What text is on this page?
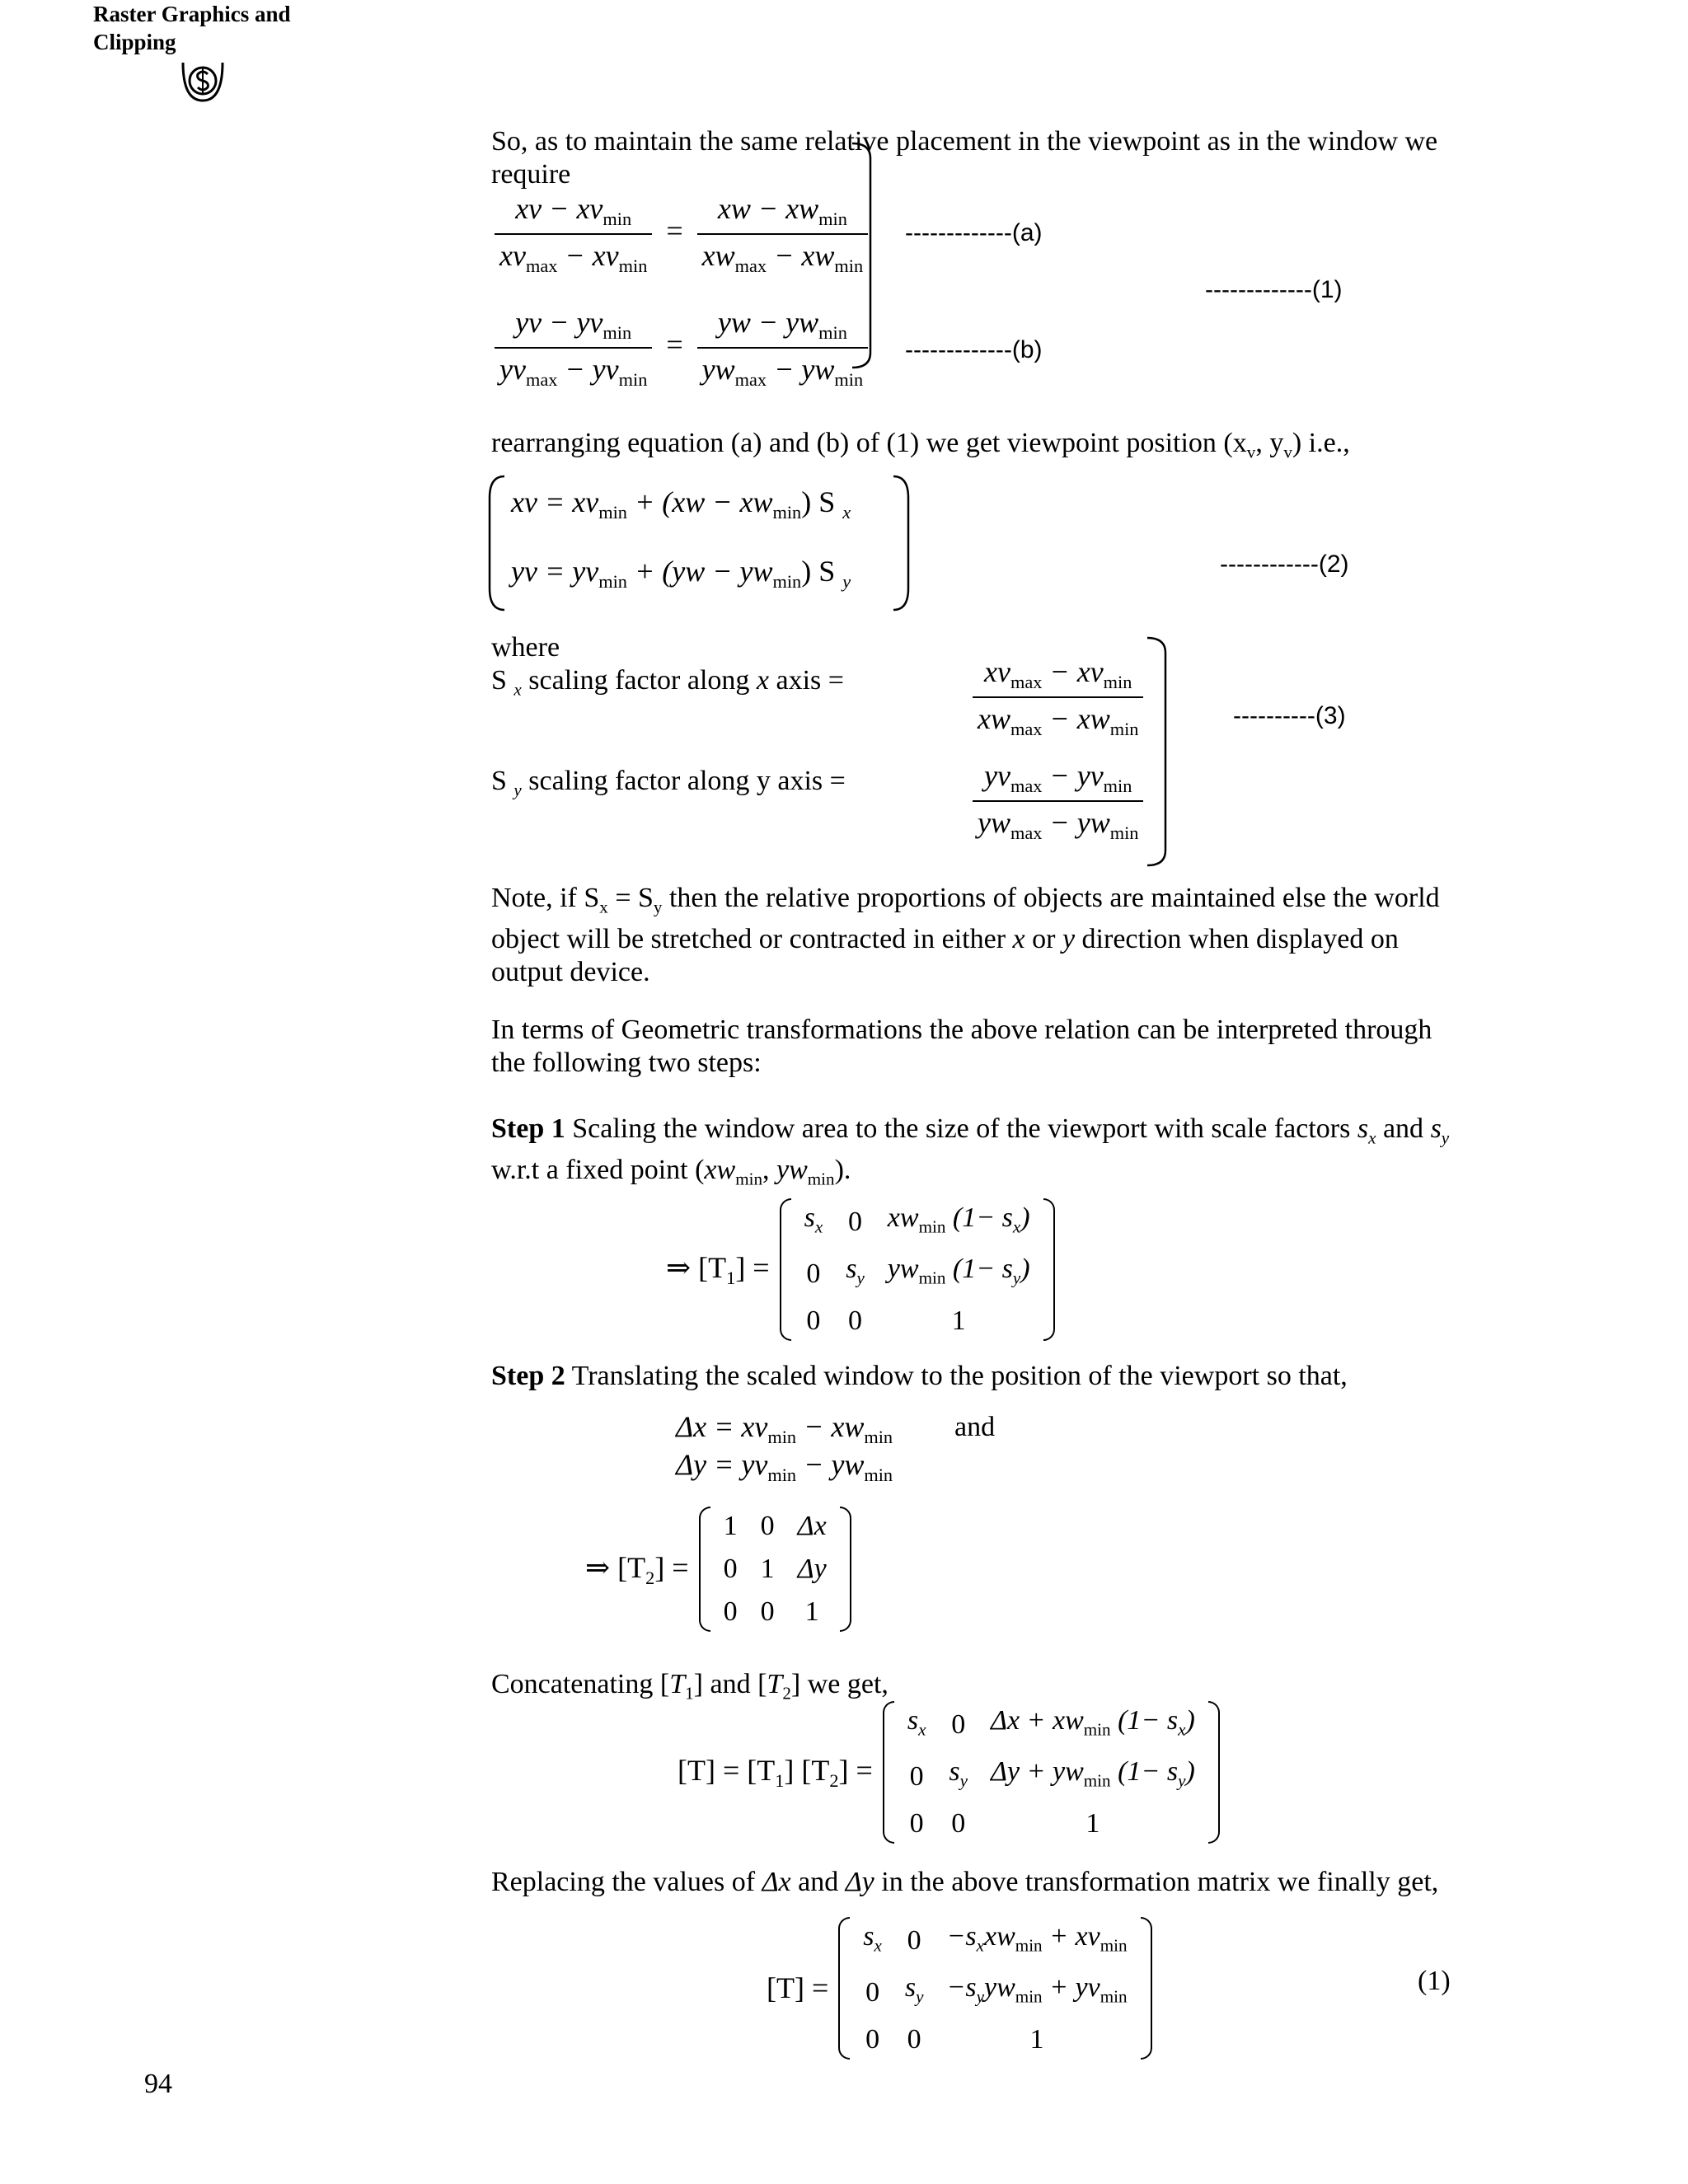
Raster Graphics and
Clipping
So, as to maintain the same relative placement in the viewpoint as in the window we require
$\frac{xv - xv_{min}}{xv_{max} - xv_{min}} = \frac{xw - xw_{min}}{xw_{max} - xw_{min}} -------------(a)$
$\frac{yv - yv_{min}}{yv_{max} - yv_{min}} = \frac{yw - yw_{min}}{yw_{max} - yw_{min}} -------------(b)$
-------------(1)
rearranging equation (a) and (b) of (1) we get viewpoint position ($x_v$, $y_v$) i.e.,
xv = $xv_{min} + (xw - xw_{min})$ S $_x$
yv = $yv_{min} + (yw - yw_{min})$ S $_y$
------------(2)
where
S $_x$ scaling factor along x axis =
S $_y$ scaling factor along y axis =
$\frac{xv_{max} - xv_{min}}{xw_{max} - xw_{min}}$
$\frac{yv_{max} - yv_{min}}{yw_{max} - yw_{min}}$
----------(3)
Note, if $S_x = S_y$ then the relative proportions of objects are maintained else the world object will be stretched or contracted in either x or y direction when displayed on output device.
In terms of Geometric transformations the above relation can be interpreted through the following two steps:
Step 1 Scaling the window area to the size of the viewport with scale factors $s_x$ and $s_y$ w.r.t a fixed point ($xw_{min}$, $yw_{min}$).
⇒ $[T_1]$ =
$s_x$	0	$xw_{min}$ $(1- s_x)$
0	$s_y$	$yw_{min}$ $(1- s_y)$
0	0	1
Step 2 Translating the scaled window to the position of the viewport so that,
$\Delta x = xv_{min} - xw_{min}$ and
$\Delta y = yv_{min} - yw_{min}$
⇒ $[T_2]$ =
1	0	Δx
0	1	Δy
0	0	1
Concatenating $[T_1]$ and $[T_2]$ we get,
$[T] = [T_1] [T_2]$ =
$s_x$	0	$\Delta x + xw_{min}$ $(1- s_x)$
0	$s_y$	$\Delta y + yw_{min}$ $(1- s_y)$
0	0	1
Replacing the values of Δx and Δy in the above transformation matrix we finally get,
[T] =
$s_x$	0	$-s_xxw_{min} + xv_{min}$
0	$s_y$	$-s_yyw_{min} + yv_{min}$
0	0	1
(1)
94
